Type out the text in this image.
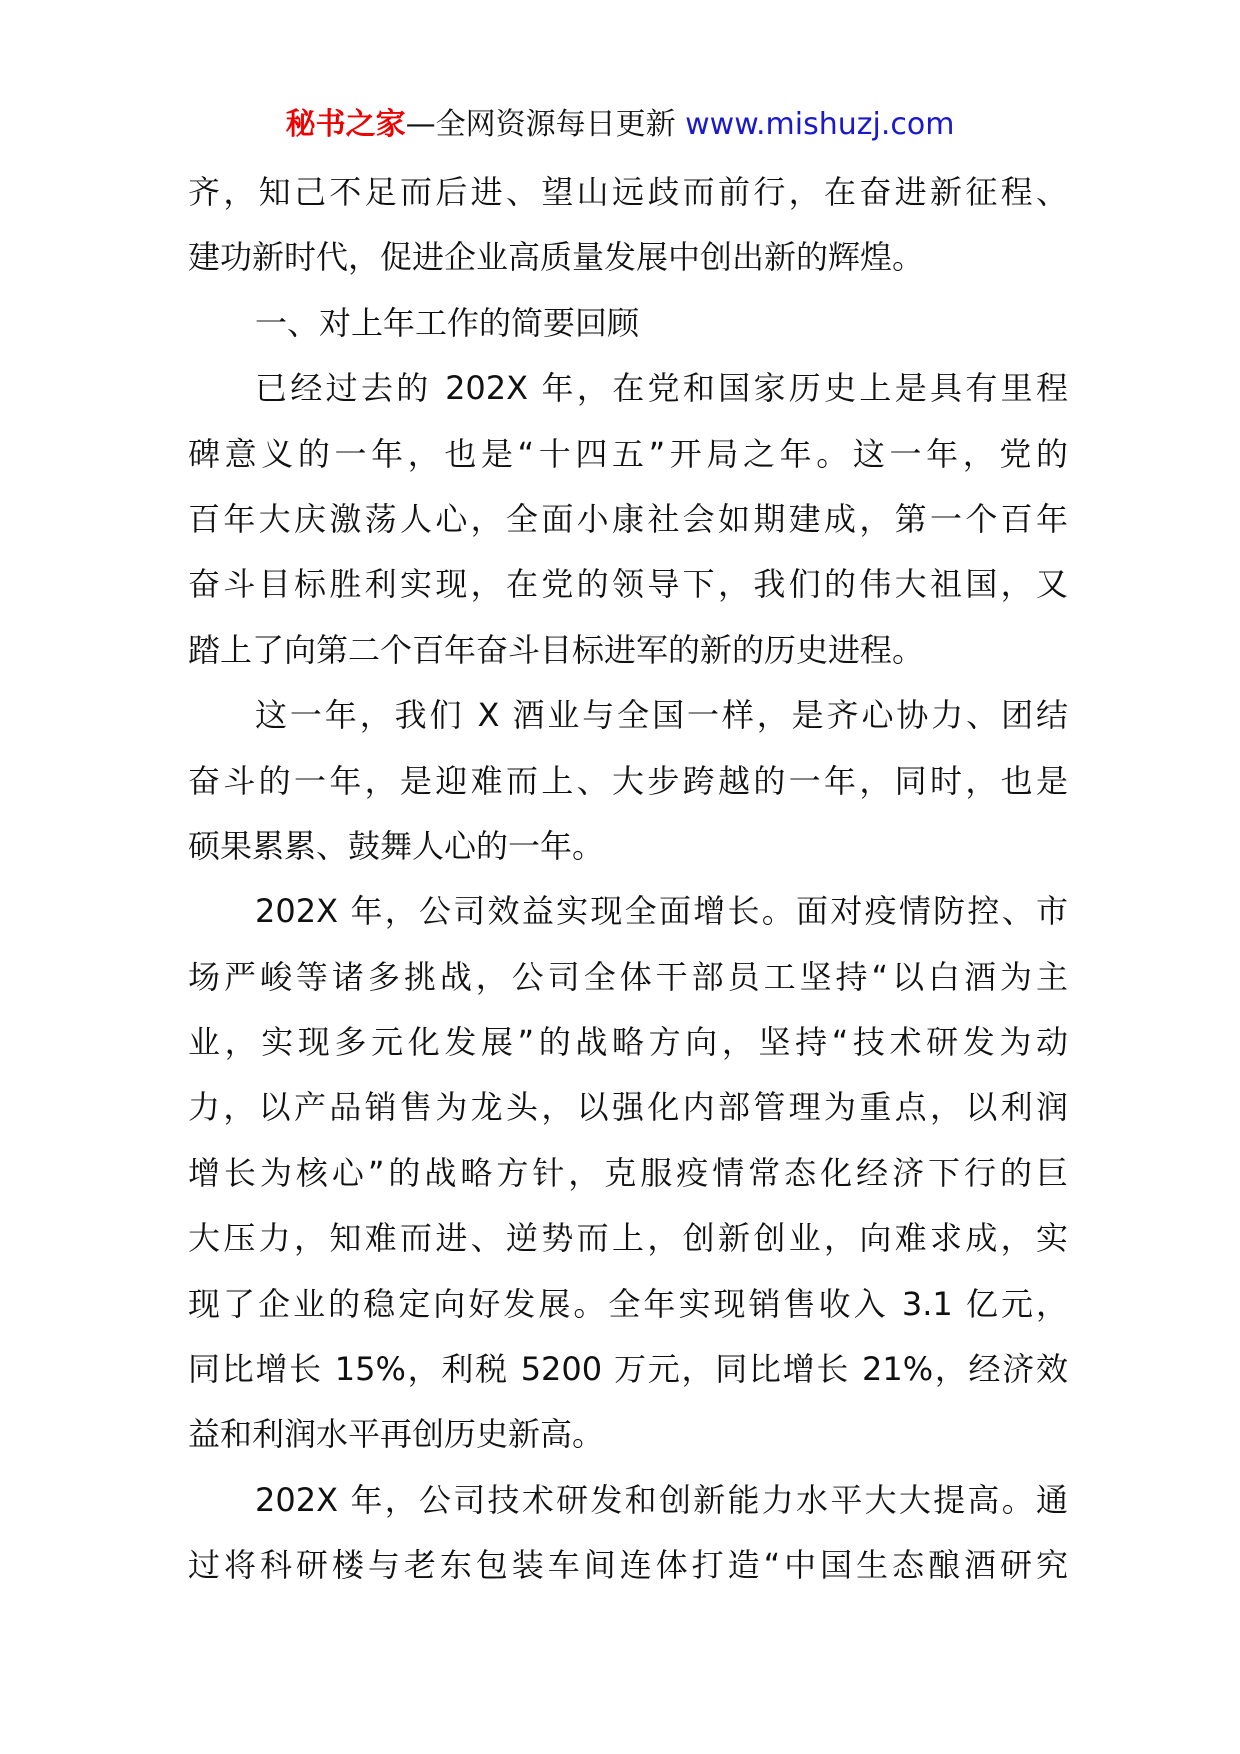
秘书之家—全网资源每日更新 www.mishuzj.com
齐，知己不足而后进、望山远歧而前行，在奋进新征程、
建功新时代，促进企业高质量发展中创出新的辉煌。
一、对上年工作的简要回顾
已经过去的 202X 年，在党和国家历史上是具有里程
碑意义的一年，也是“十四五”开局之年。这一年，党的
百年大庆激荡人心，全面小康社会如期建成，第一个百年
奋斗目标胜利实现，在党的领导下，我们的伟大祖国，又
踏上了向第二个百年奋斗目标进军的新的历史进程。
这一年，我们 X 酒业与全国一样，是齐心协力、团结
奋斗的一年，是迎难而上、大步跨越的一年，同时，也是
硕果累累、鼓舞人心的一年。
202X 年，公司效益实现全面增长。面对疫情防控、市
场严峻等诸多挑战，公司全体干部员工坚持“以白酒为主
业，实现多元化发展”的战略方向，坚持“技术研发为动
力，以产品销售为龙头，以强化内部管理为重点，以利润
增长为核心”的战略方针，克服疫情常态化经济下行的巨
大压力，知难而进、逆势而上，创新创业，向难求成，实
现了企业的稳定向好发展。全年实现销售收入 3.1 亿元，
同比增长 15%，利税 5200 万元，同比增长 21%，经济效
益和利润水平再创历史新高。
202X 年，公司技术研发和创新能力水平大大提高。通
过将科研楼与老东包装车间连体打造“中国生态酿酒研究
